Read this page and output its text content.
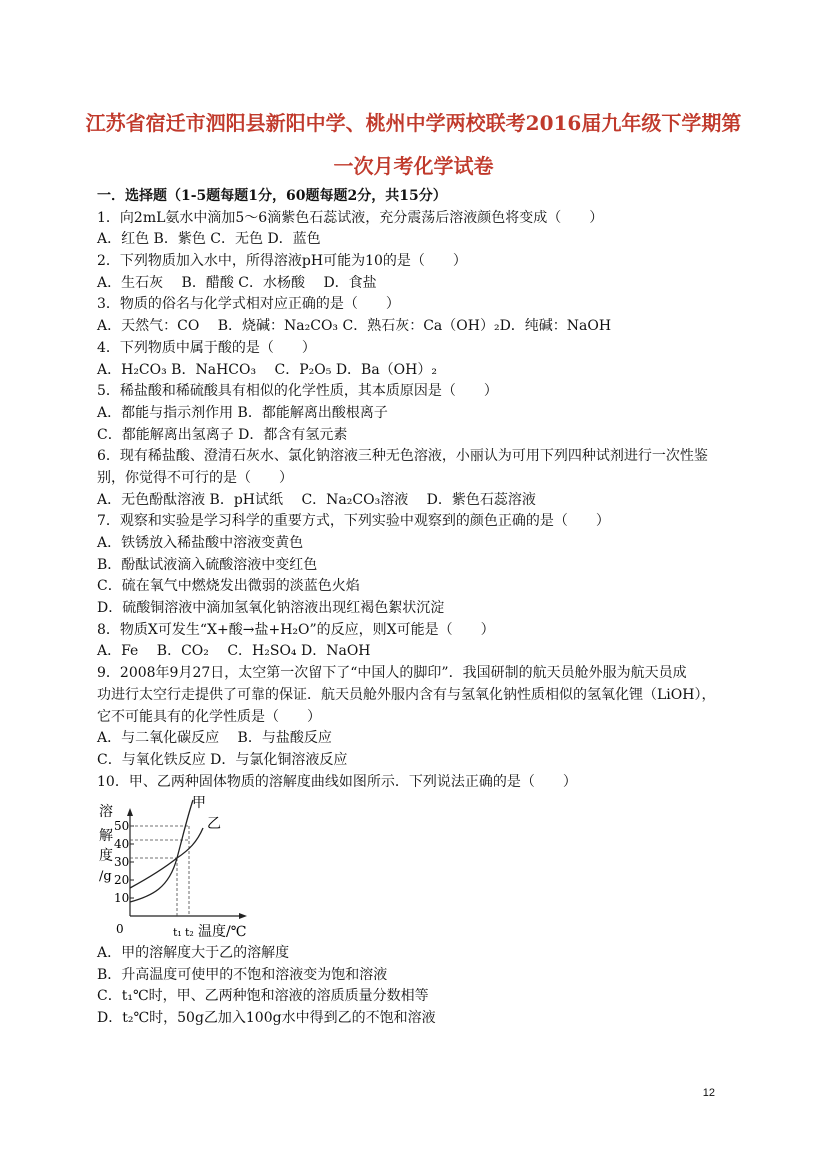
江苏省宿迁市泗阳县新阳中学、桃州中学两校联考2016届九年级下学期第
一次月考化学试卷
一．选择题（1-5题每题1分，60题每题2分，共15分）
1．向2mL氨水中滴加5～6滴紫色石蕊试液，充分震荡后溶液颜色将变成（　　）
A．红色 B．紫色 C．无色 D．蓝色
2．下列物质加入水中，所得溶液pH可能为10的是（　　）
A．生石灰　 B．醋酸 C．水杨酸　 D．食盐
3．物质的俗名与化学式相对应正确的是（　　）
A．天然气：CO　 B．烧碱：Na₂CO₃ C．熟石灰：Ca（OH）₂D．纯碱：NaOH
4．下列物质中属于酸的是（　　）
A．H₂CO₃ B．NaHCO₃　 C．P₂O₅ D．Ba（OH）₂
5．稀盐酸和稀硫酸具有相似的化学性质，其本质原因是（　　）
A．都能与指示剂作用 B．都能解离出酸根离子
C．都能解离出氢离子 D．都含有氢元素
6．现有稀盐酸、澄清石灰水、氯化钠溶液三种无色溶液，小丽认为可用下列四种试剂进行一次性鉴
别，你觉得不可行的是（　　）
A．无色酚酞溶液 B．pH试纸　 C．Na₂CO₃溶液　 D．紫色石蕊溶液
7．观察和实验是学习科学的重要方式，下列实验中观察到的颜色正确的是（　　）
A．铁锈放入稀盐酸中溶液变黄色
B．酚酞试液滴入硫酸溶液中变红色
C．硫在氧气中燃烧发出微弱的淡蓝色火焰
D．硫酸铜溶液中滴加氢氧化钠溶液出现红褐色絮状沉淀
8．物质X可发生“X+酸→盐+H₂O”的反应，则X可能是（　　）
A．Fe　 B．CO₂　 C．H₂SO₄ D．NaOH
9．2008年9月27日，太空第一次留下了“中国人的脚印”．我国研制的航天员舱外服为航天员成
功进行太空行走提供了可靠的保证．航天员舱外服内含有与氢氧化钠性质相似的氢氧化锂（LiOH），
它不可能具有的化学性质是（　　）
A．与二氧化碳反应　 B．与盐酸反应
C．与氧化铁反应 D．与氯化铜溶液反应
10．甲、乙两种固体物质的溶解度曲线如图所示．下列说法正确的是（　　）
甲
乙
溶
解
度
/g
50
40
30
20
10
0	t₁ t₂ 温度/℃
A．甲的溶解度大于乙的溶解度
B．升高温度可使甲的不饱和溶液变为饱和溶液
C．t₁℃时，甲、乙两种饱和溶液的溶质质量分数相等
D．t₂℃时，50g乙加入100g水中得到乙的不饱和溶液
12
